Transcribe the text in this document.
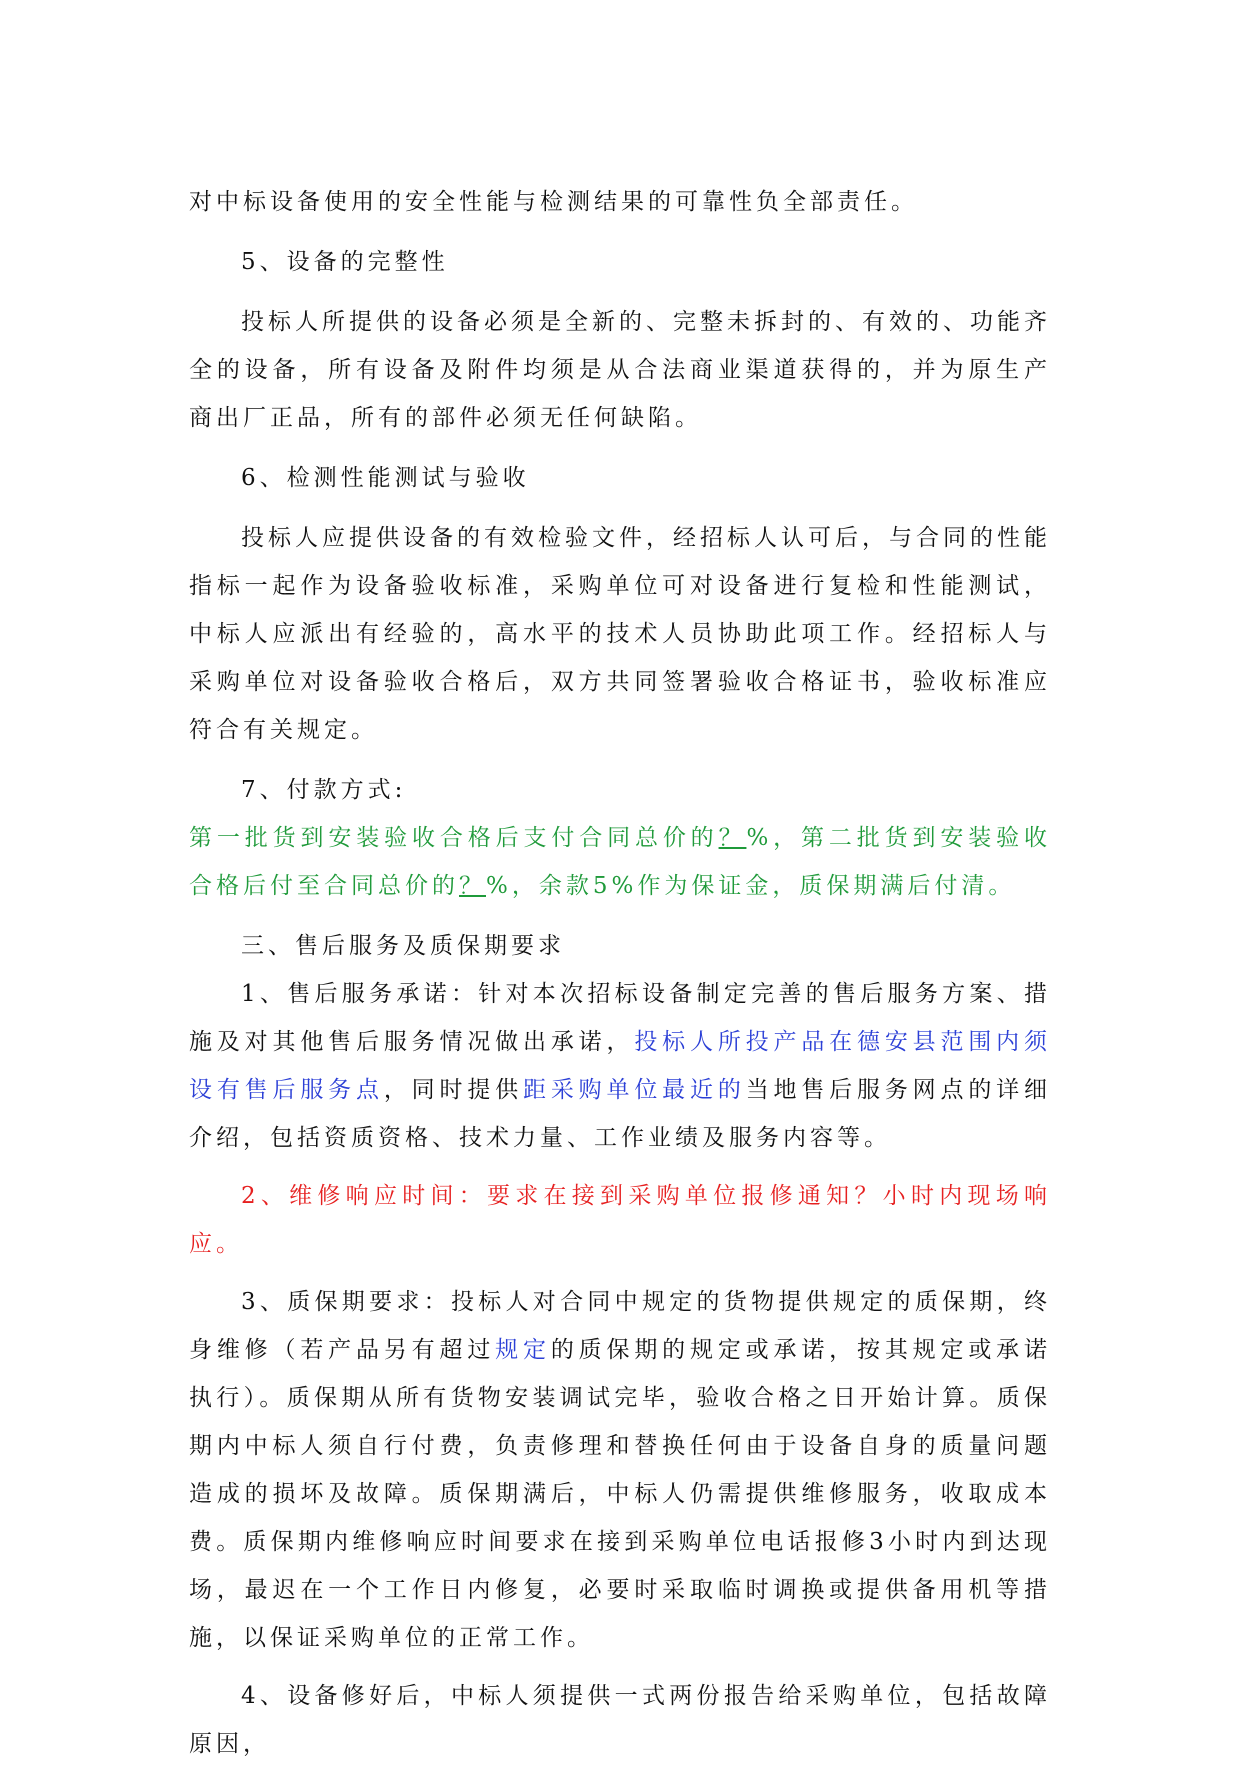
对中标设备使用的安全性能与检测结果的可靠性负全部责任。

5、设备的完整性

投标人所提供的设备必须是全新的、完整未拆封的、有效的、功能齐全的设备，所有设备及附件均须是从合法商业渠道获得的，并为原生产商出厂正品，所有的部件必须无任何缺陷。

6、检测性能测试与验收

投标人应提供设备的有效检验文件，经招标人认可后，与合同的性能指标一起作为设备验收标准，采购单位可对设备进行复检和性能测试，中标人应派出有经验的，高水平的技术人员协助此项工作。经招标人与采购单位对设备验收合格后，双方共同签署验收合格证书，验收标准应符合有关规定。

7、付款方式:

第一批货到安装验收合格后支付合同总价的？%，第二批货到安装验收合格后付至合同总价的？%，余款5%作为保证金，质保期满后付清。

三、售后服务及质保期要求

1、售后服务承诺：针对本次招标设备制定完善的售后服务方案、措施及对其他售后服务情况做出承诺，投标人所投产品在德安县范围内须设有售后服务点，同时提供距采购单位最近的当地售后服务网点的详细介绍，包括资质资格、技术力量、工作业绩及服务内容等。

2、维修响应时间：要求在接到采购单位报修通知？小时内现场响应。

3、质保期要求：投标人对合同中规定的货物提供规定的质保期，终身维修（若产品另有超过规定的质保期的规定或承诺，按其规定或承诺执行）。质保期从所有货物安装调试完毕，验收合格之日开始计算。质保期内中标人须自行付费，负责修理和替换任何由于设备自身的质量问题造成的损坏及故障。质保期满后，中标人仍需提供维修服务，收取成本费。质保期内维修响应时间要求在接到采购单位电话报修3小时内到达现场，最迟在一个工作日内修复，必要时采取临时调换或提供备用机等措施，以保证采购单位的正常工作。

4、设备修好后，中标人须提供一式两份报告给采购单位，包括故障原因，
